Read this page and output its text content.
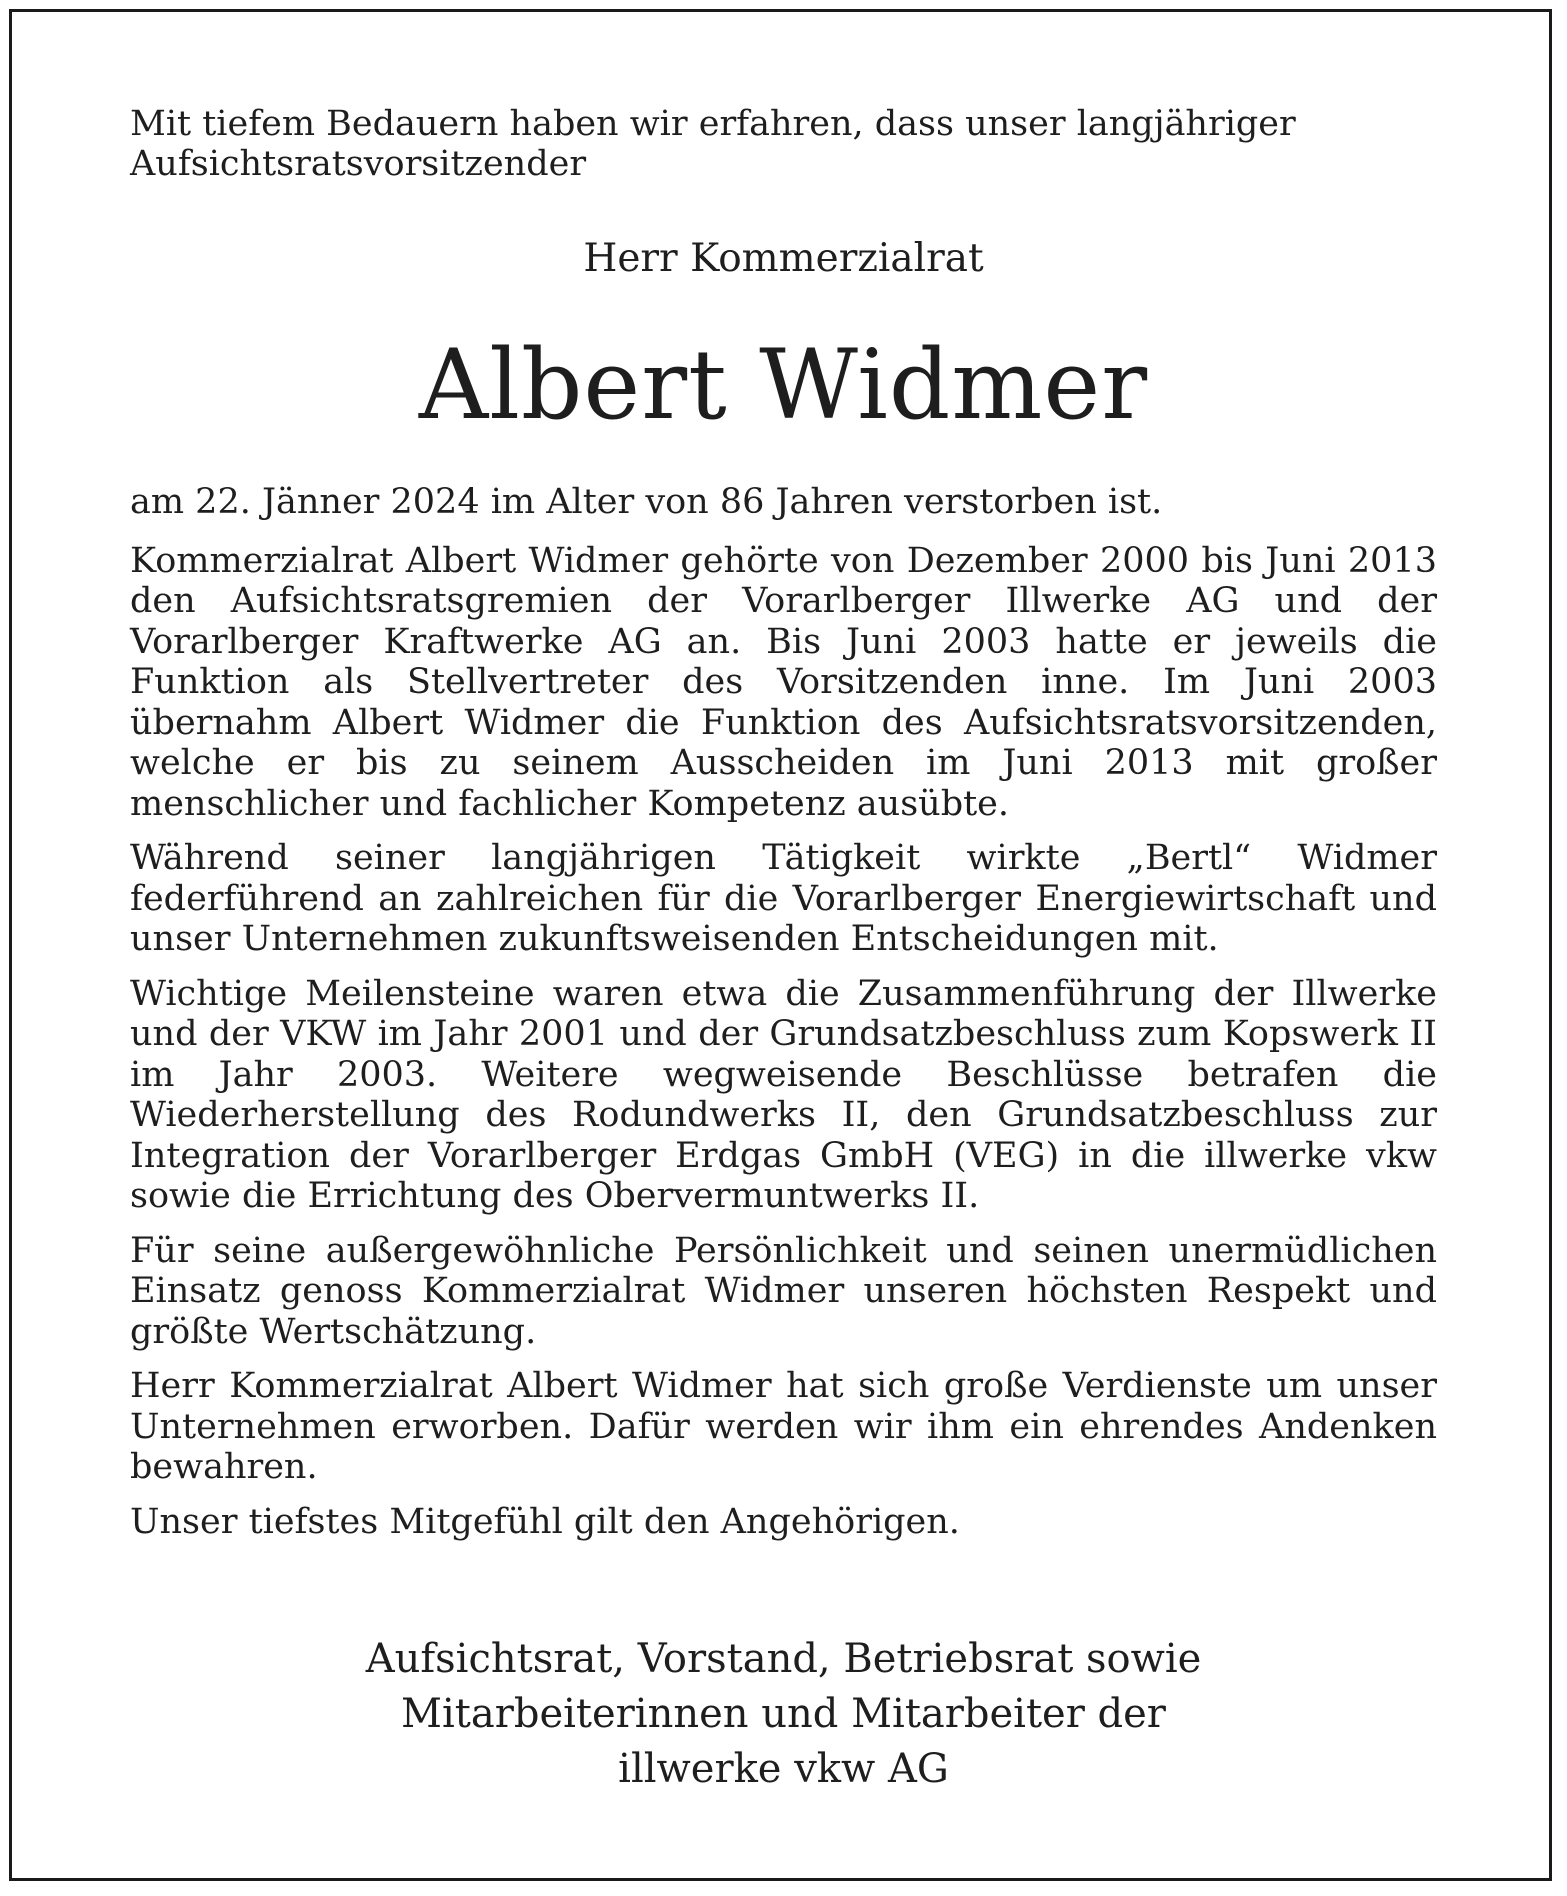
Mit tiefem Bedauern haben wir erfahren, dass unser langjähriger Aufsichtsratsvorsitzender
Herr Kommerzialrat
Albert Widmer

am 22. Jänner 2024 im Alter von 86 Jahren verstorben ist.

Kommerzialrat Albert Widmer gehörte von Dezember 2000 bis Juni 2013 den Aufsichtsratsgremien der Vorarlberger Illwerke AG und der Vorarlberger Kraftwerke AG an. Bis Juni 2003 hatte er jeweils die Funktion als Stellvertreter des Vorsitzenden inne. Im Juni 2003 übernahm Albert Widmer die Funktion des Aufsichtsratsvorsitzenden, welche er bis zu seinem Ausscheiden im Juni 2013 mit großer menschlicher und fachlicher Kompetenz ausübte.

Während seiner langjährigen Tätigkeit wirkte „Bertl“ Widmer federführend an zahlreichen für die Vorarlberger Energiewirtschaft und unser Unternehmen zukunftsweisenden Entscheidungen mit.

Wichtige Meilensteine waren etwa die Zusammenführung der Illwerke und der VKW im Jahr 2001 und der Grundsatzbeschluss zum Kopswerk II im Jahr 2003. Weitere wegweisende Beschlüsse betrafen die Wiederherstellung des Rodundwerks II, den Grundsatzbeschluss zur Integration der Vorarlberger Erdgas GmbH (VEG) in die illwerke vkw sowie die Errichtung des Obervermuntwerks II.

Für seine außergewöhnliche Persönlichkeit und seinen unermüdlichen Einsatz genoss Kommerzialrat Widmer unseren höchsten Respekt und größte Wertschätzung.

Herr Kommerzialrat Albert Widmer hat sich große Verdienste um unser Unternehmen erworben. Dafür werden wir ihm ein ehrendes Andenken bewahren.

Unser tiefstes Mitgefühl gilt den Angehörigen.

Aufsichtsrat, Vorstand, Betriebsrat sowie
Mitarbeiterinnen und Mitarbeiter der
illwerke vkw AG
